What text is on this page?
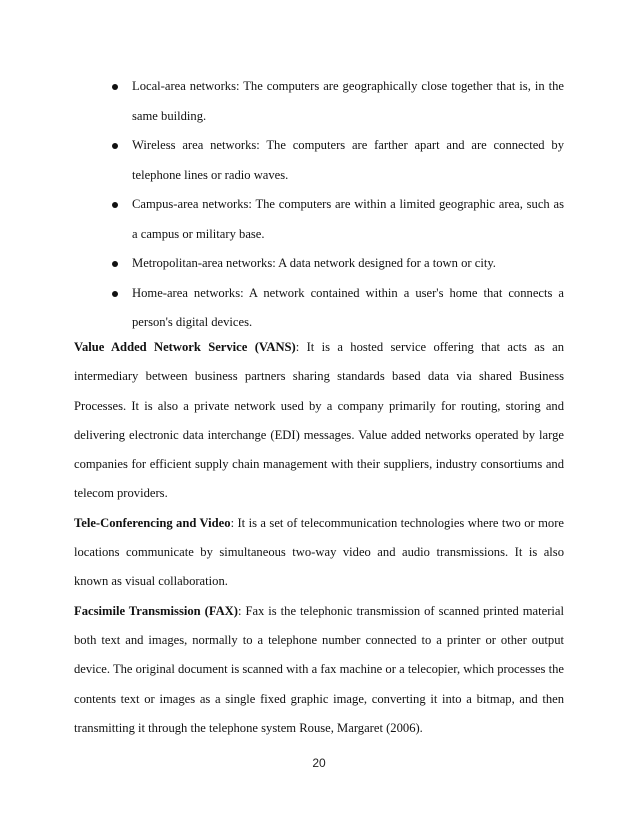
Local-area networks: The computers are geographically close together that is, in the same building.
Wireless area networks: The computers are farther apart and are connected by telephone lines or radio waves.
Campus-area networks: The computers are within a limited geographic area, such as a campus or military base.
Metropolitan-area networks: A data network designed for a town or city.
Home-area networks: A network contained within a user's home that connects a person's digital devices.

Value Added Network Service (VANS): It is a hosted service offering that acts as an intermediary between business partners sharing standards based data via shared Business Processes. It is also a private network used by a company primarily for routing, storing and delivering electronic data interchange (EDI) messages. Value added networks operated by large companies for efficient supply chain management with their suppliers, industry consortiums and telecom providers.

Tele-Conferencing and Video: It is a set of telecommunication technologies where two or more locations communicate by simultaneous two-way video and audio transmissions. It is also known as visual collaboration.

Facsimile Transmission (FAX): Fax is the telephonic transmission of scanned printed material both text and images, normally to a telephone number connected to a printer or other output device. The original document is scanned with a fax machine or a telecopier, which processes the contents text or images as a single fixed graphic image, converting it into a bitmap, and then transmitting it through the telephone system Rouse, Margaret (2006).

20
